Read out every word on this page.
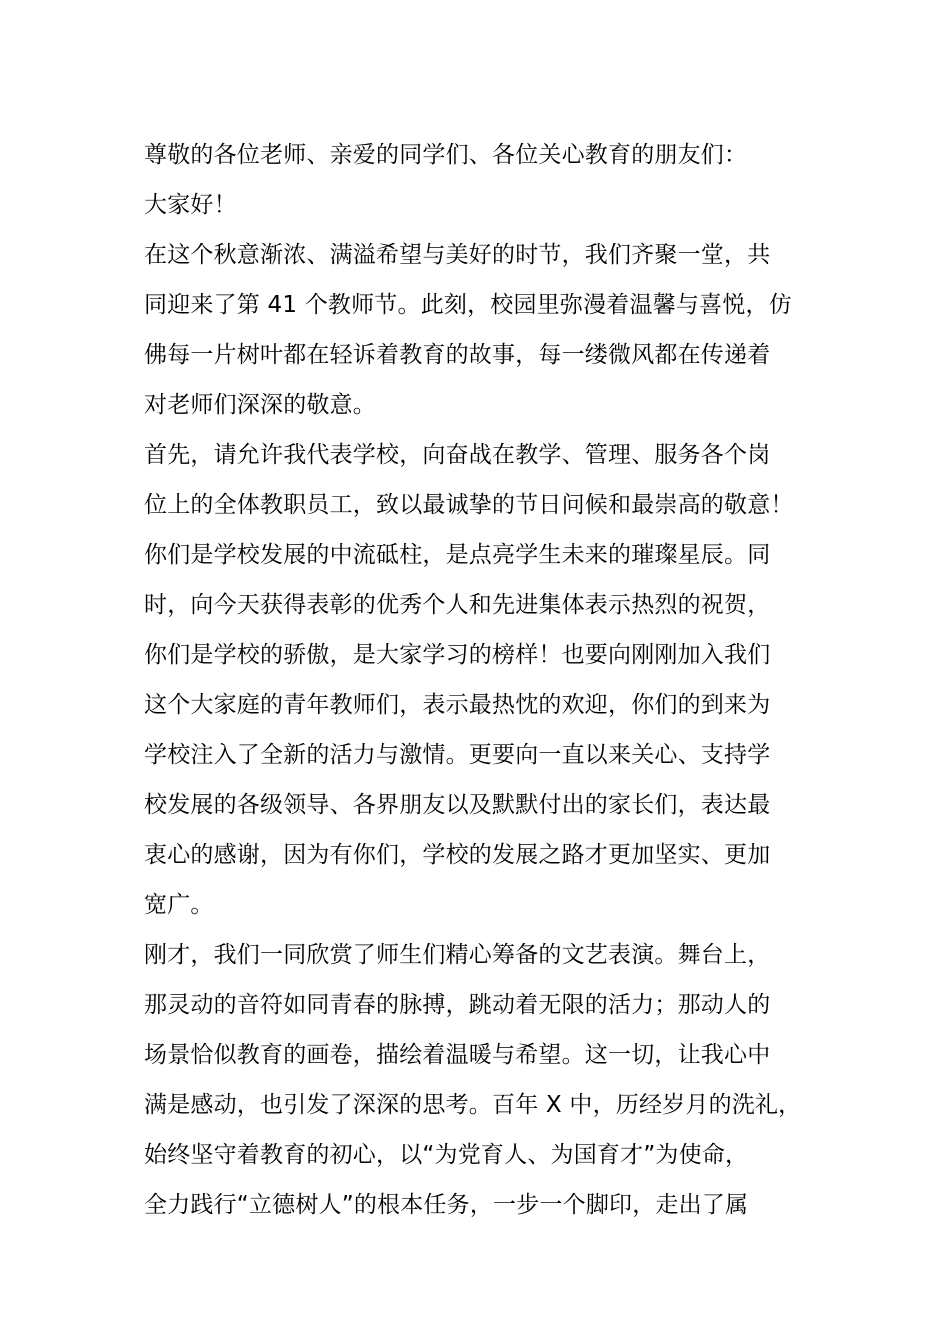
尊敬的各位老师、亲爱的同学们、各位关心教育的朋友们：
大家好！
在这个秋意渐浓、满溢希望与美好的时节，我们齐聚一堂，共
同迎来了第 41 个教师节。此刻，校园里弥漫着温馨与喜悦，仿
佛每一片树叶都在轻诉着教育的故事，每一缕微风都在传递着
对老师们深深的敬意。
首先，请允许我代表学校，向奋战在教学、管理、服务各个岗
位上的全体教职员工，致以最诚挚的节日问候和最崇高的敬意！
你们是学校发展的中流砥柱，是点亮学生未来的璀璨星辰。同
时，向今天获得表彰的优秀个人和先进集体表示热烈的祝贺，
你们是学校的骄傲，是大家学习的榜样！也要向刚刚加入我们
这个大家庭的青年教师们，表示最热忱的欢迎，你们的到来为
学校注入了全新的活力与激情。更要向一直以来关心、支持学
校发展的各级领导、各界朋友以及默默付出的家长们，表达最
衷心的感谢，因为有你们，学校的发展之路才更加坚实、更加
宽广。
刚才，我们一同欣赏了师生们精心筹备的文艺表演。舞台上，
那灵动的音符如同青春的脉搏，跳动着无限的活力；那动人的
场景恰似教育的画卷，描绘着温暖与希望。这一切，让我心中
满是感动，也引发了深深的思考。百年 X 中，历经岁月的洗礼，
始终坚守着教育的初心，以“为党育人、为国育才”为使命，
全力践行“立德树人”的根本任务，一步一个脚印，走出了属
